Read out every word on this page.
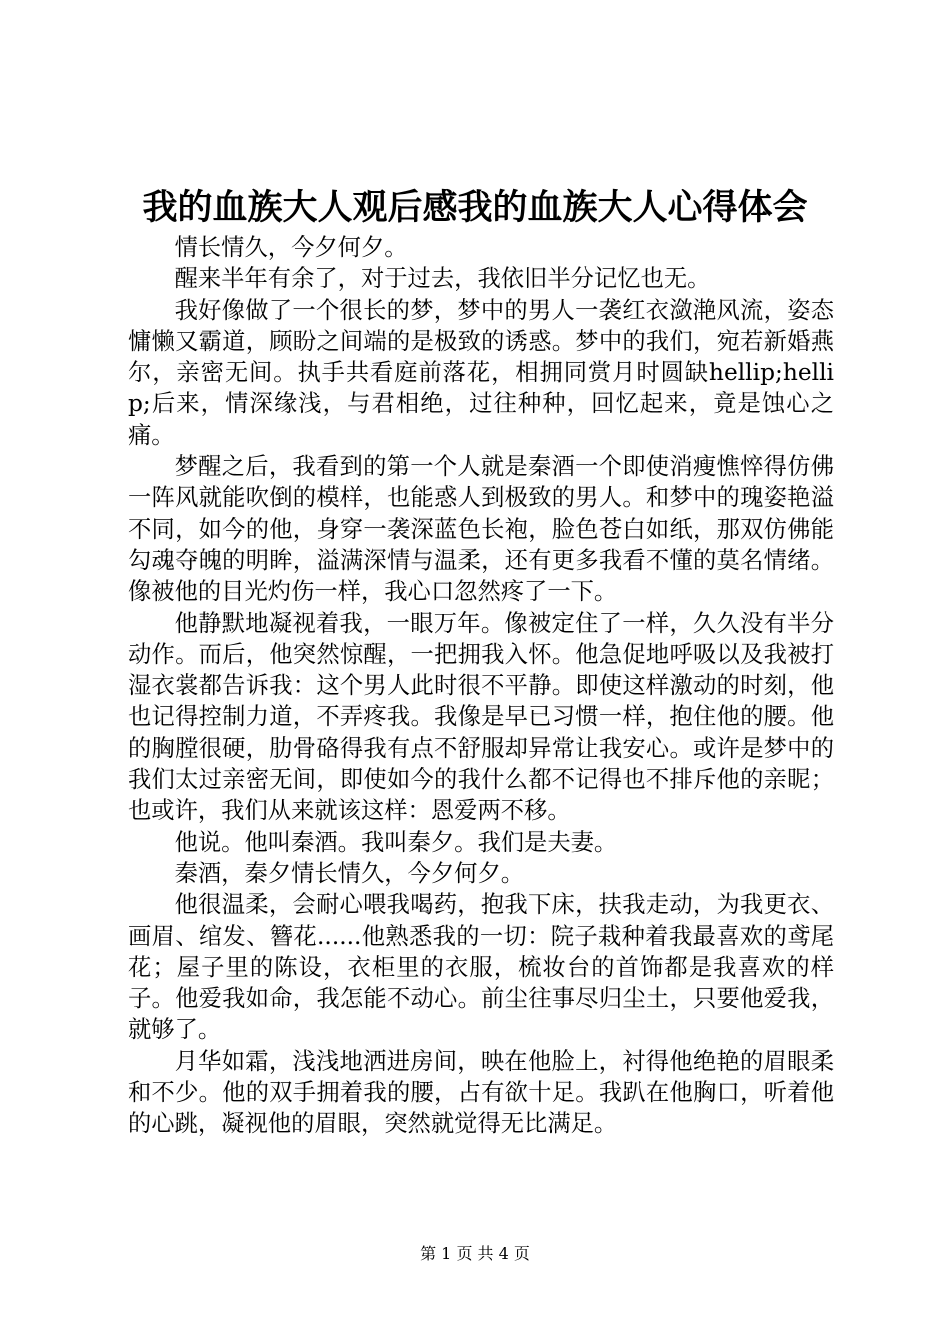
我的血族大人观后感我的血族大人心得体会

情长情久，今夕何夕。

醒来半年有余了，对于过去，我依旧半分记忆也无。

我好像做了一个很长的梦，梦中的男人一袭红衣潋滟风流，姿态慵懒又霸道，顾盼之间端的是极致的诱惑。梦中的我们，宛若新婚燕尔，亲密无间。执手共看庭前落花，相拥同赏月时圆缺hellip;hellip;后来，情深缘浅，与君相绝，过往种种，回忆起来，竟是蚀心之痛。

梦醒之后，我看到的第一个人就是秦酒一个即使消瘦憔悴得仿佛一阵风就能吹倒的模样，也能惑人到极致的男人。和梦中的瑰姿艳溢不同，如今的他，身穿一袭深蓝色长袍，脸色苍白如纸，那双仿佛能勾魂夺魄的明眸，溢满深情与温柔，还有更多我看不懂的莫名情绪。像被他的目光灼伤一样，我心口忽然疼了一下。

他静默地凝视着我，一眼万年。像被定住了一样，久久没有半分动作。而后，他突然惊醒，一把拥我入怀。他急促地呼吸以及我被打湿衣裳都告诉我：这个男人此时很不平静。即使这样激动的时刻，他也记得控制力道，不弄疼我。我像是早已习惯一样，抱住他的腰。他的胸膛很硬，肋骨硌得我有点不舒服却异常让我安心。或许是梦中的我们太过亲密无间，即使如今的我什么都不记得也不排斥他的亲昵；也或许，我们从来就该这样：恩爱两不移。

他说。他叫秦酒。我叫秦夕。我们是夫妻。

秦酒，秦夕情长情久，今夕何夕。

他很温柔，会耐心喂我喝药，抱我下床，扶我走动，为我更衣、画眉、绾发、簪花......他熟悉我的一切：院子栽种着我最喜欢的鸢尾花；屋子里的陈设，衣柜里的衣服，梳妆台的首饰都是我喜欢的样子。他爱我如命，我怎能不动心。前尘往事尽归尘土，只要他爱我，就够了。

月华如霜，浅浅地洒进房间，映在他脸上，衬得他绝艳的眉眼柔和不少。他的双手拥着我的腰，占有欲十足。我趴在他胸口，听着他的心跳，凝视他的眉眼，突然就觉得无比满足。

第 1 页 共 4 页
